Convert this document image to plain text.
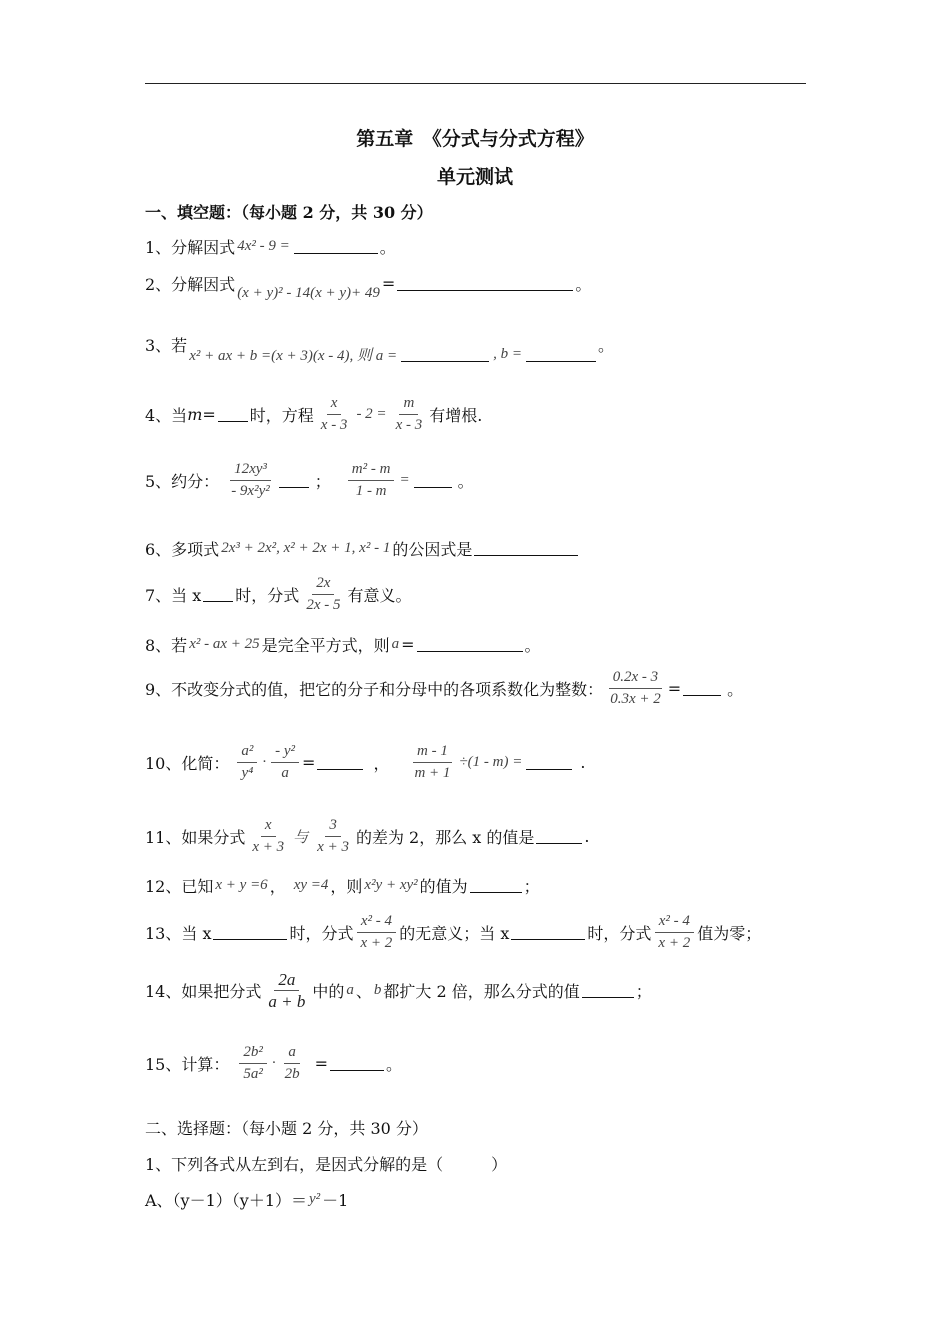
第五章　《分式与分式方程》
单元测试
一、填空题：（每小题 2 分，共 30 分）
1、分解因式 4x² - 9 =	。
2、分解因式 (x + y)² - 14(x + y)+ 49 =	。
3、若
x² + ax + b =(x + 3)(x - 4), 则 a =	, b =	。
4、当 m= 时，方程 $\frac{x}{x - 3} - 2 = \frac{m}{x - 3}$ 有增根.
5、约分： $\frac{\text{12xy³}}{\text{- 9x²y²}}$	； $\frac{\text{m² - m}}{1 - m}$ =	。
6、多项式 2x³ + 2x², x² + 2x + 1, x² - 1 的公因式是
7、当 x 时，分式 $\frac{2x}{2x - 5}$ 有意义。
8、若 x² - ax + 25 是完全平方式，则 a =	。
9、不改变分式的值，把它的分子和分母中的各项系数化为整数： $\frac{0.2x - 3}{0.3x + 2}$ =	。
10、化简： $\frac{\text{a²}}{\text{y⁴}} \cdot \frac{\text{- y²}}{a}$ =	， $\frac{m - 1}{m + 1} \div(1 - m)$ =	.
11、如果分式 $\frac{x}{x + 3}$ 与 $\frac{3}{x + 3}$ 的差为 2，那么 x 的值是	.
12、已知 x + y =6 ， xy =4 ，则 x²y + xy² 的值为	；
13、当 x	时，分式 $\frac{\text{x² - 4}}{x + 2}$ 的无意义；当 x	时，分式 $\frac{\text{x² - 4}}{x + 2}$ 值为零；
14、如果把分式 $\frac{2a}{a + b}$ 中的 a 、 b 都扩大 2 倍，那么分式的值	；
15、计算： $\frac{\text{2b²}}{\text{5a²}} \cdot \frac{a}{2b}$ =	。
二、选择题：（每小题 2 分，共 30 分）
1、下列各式从左到右，是因式分解的是（　　　）
A、（y－1）（y＋1）＝ y² －1
